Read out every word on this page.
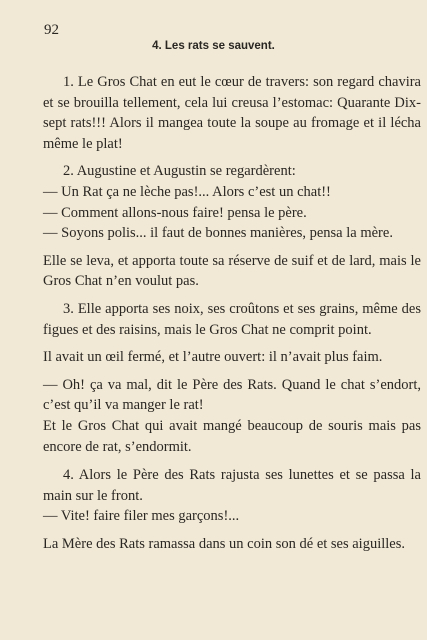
92
4. Les rats se sauvent.

1. Le Gros Chat en eut le cœur de travers: son regard chavira et se brouilla tellement, cela lui creusa l’estomac: Quarante Dix-sept rats!!! Alors il mangea toute la soupe au fromage et il lécha même le plat!

2. Augustine et Augustin se regardèrent:

— Un Rat ça ne lèche pas!... Alors c’est un chat!!

— Comment allons-nous faire! pensa le père.

— Soyons polis... il faut de bonnes manières, pensa la mère.

Elle se leva, et apporta toute sa réserve de suif et de lard, mais le Gros Chat n’en voulut pas.

3. Elle apporta ses noix, ses croûtons et ses grains, même des figues et des raisins, mais le Gros Chat ne comprit point.

Il avait un œil fermé, et l’autre ouvert: il n’avait plus faim.

— Oh! ça va mal, dit le Père des Rats. Quand le chat s’endort, c’est qu’il va manger le rat!

Et le Gros Chat qui avait mangé beaucoup de souris mais pas encore de rat, s’endormit.

4. Alors le Père des Rats rajusta ses lunettes et se passa la main sur le front.

— Vite! faire filer mes garçons!...

La Mère des Rats ramassa dans un coin son dé et ses aiguilles.
